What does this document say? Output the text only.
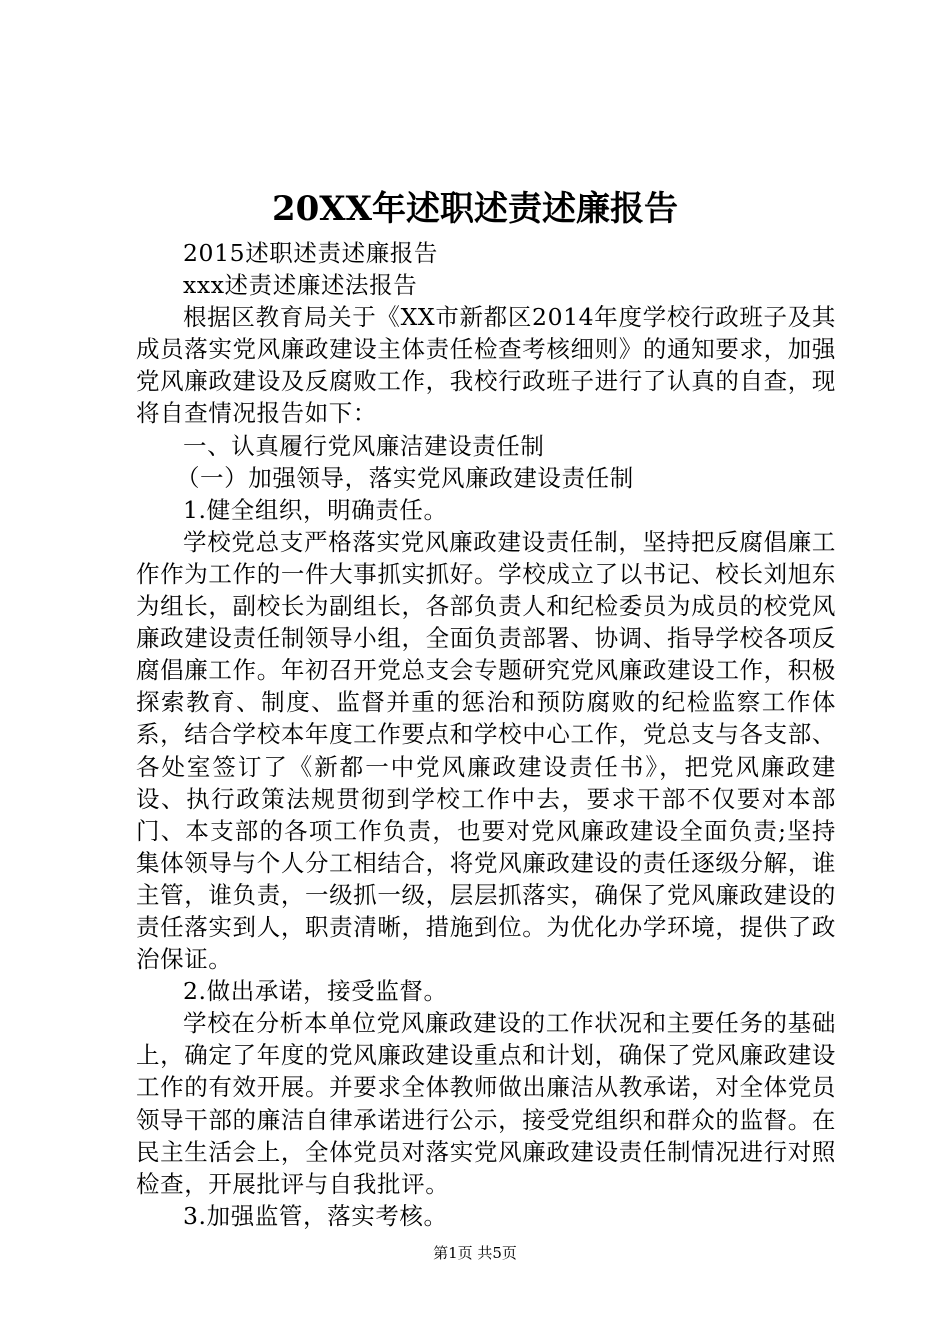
20XX年述职述责述廉报告

2015述职述责述廉报告

xxx述责述廉述法报告

根据区教育局关于《XX市新都区2014年度学校行政班子及其成员落实党风廉政建设主体责任检查考核细则》的通知要求，加强党风廉政建设及反腐败工作，我校行政班子进行了认真的自查，现将自查情况报告如下：

一、认真履行党风廉洁建设责任制

（一）加强领导，落实党风廉政建设责任制

1.健全组织，明确责任。

学校党总支严格落实党风廉政建设责任制，坚持把反腐倡廉工作作为工作的一件大事抓实抓好。学校成立了以书记、校长刘旭东为组长，副校长为副组长，各部负责人和纪检委员为成员的校党风廉政建设责任制领导小组，全面负责部署、协调、指导学校各项反腐倡廉工作。年初召开党总支会专题研究党风廉政建设工作，积极探索教育、制度、监督并重的惩治和预防腐败的纪检监察工作体系，结合学校本年度工作要点和学校中心工作，党总支与各支部、各处室签订了《新都一中党风廉政建设责任书》，把党风廉政建设、执行政策法规贯彻到学校工作中去，要求干部不仅要对本部门、本支部的各项工作负责，也要对党风廉政建设全面负责;坚持集体领导与个人分工相结合，将党风廉政建设的责任逐级分解，谁主管，谁负责，一级抓一级，层层抓落实，确保了党风廉政建设的责任落实到人，职责清晰，措施到位。为优化办学环境，提供了政治保证。

2.做出承诺，接受监督。

学校在分析本单位党风廉政建设的工作状况和主要任务的基础上，确定了年度的党风廉政建设重点和计划，确保了党风廉政建设工作的有效开展。并要求全体教师做出廉洁从教承诺，对全体党员领导干部的廉洁自律承诺进行公示，接受党组织和群众的监督。在民主生活会上，全体党员对落实党风廉政建设责任制情况进行对照检查，开展批评与自我批评。

3.加强监管，落实考核。

第1页 共5页
